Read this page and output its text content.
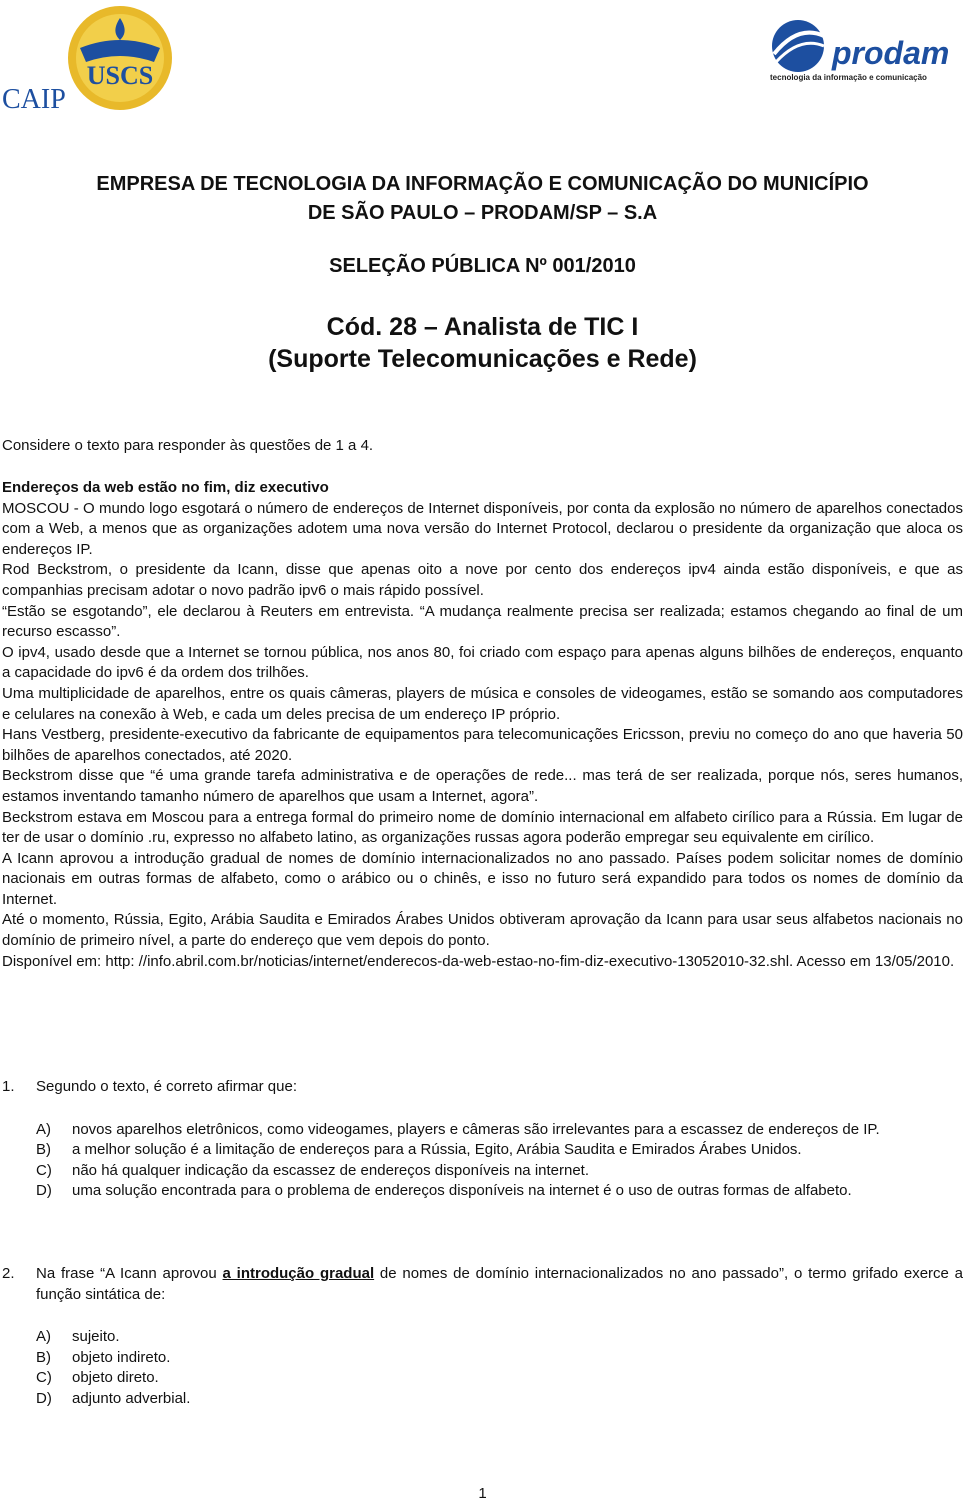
USCS
CAIP
prodam
tecnologia da informação e comunicação
EMPRESA DE TECNOLOGIA DA INFORMAÇÃO E COMUNICAÇÃO DO MUNICÍPIO
DE SÃO PAULO – PRODAM/SP – S.A
SELEÇÃO PÚBLICA Nº 001/2010
Cód. 28 – Analista de TIC I
(Suporte Telecomunicações e Rede)
Considere o texto para responder às questões de 1 a 4.

Endereços da web estão no fim, diz executivo

MOSCOU - O mundo logo esgotará o número de endereços de Internet disponíveis, por conta da explosão no número de aparelhos conectados com a Web, a menos que as organizações adotem uma nova versão do Internet Protocol, declarou o presidente da organização que aloca os endereços IP.

Rod Beckstrom, o presidente da Icann, disse que apenas oito a nove por cento dos endereços ipv4 ainda estão disponíveis, e que as companhias precisam adotar o novo padrão ipv6 o mais rápido possível.

“Estão se esgotando”, ele declarou à Reuters em entrevista. “A mudança realmente precisa ser realizada; estamos chegando ao final de um recurso escasso”.

O ipv4, usado desde que a Internet se tornou pública, nos anos 80, foi criado com espaço para apenas alguns bilhões de endereços, enquanto a capacidade do ipv6 é da ordem dos trilhões.

Uma multiplicidade de aparelhos, entre os quais câmeras, players de música e consoles de videogames, estão se somando aos computadores e celulares na conexão à Web, e cada um deles precisa de um endereço IP próprio.

Hans Vestberg, presidente-executivo da fabricante de equipamentos para telecomunicações Ericsson, previu no começo do ano que haveria 50 bilhões de aparelhos conectados, até 2020.

Beckstrom disse que “é uma grande tarefa administrativa e de operações de rede... mas terá de ser realizada, porque nós, seres humanos, estamos inventando tamanho número de aparelhos que usam a Internet, agora”.

Beckstrom estava em Moscou para a entrega formal do primeiro nome de domínio internacional em alfabeto cirílico para a Rússia. Em lugar de ter de usar o domínio .ru, expresso no alfabeto latino, as organizações russas agora poderão empregar seu equivalente em cirílico.

A Icann aprovou a introdução gradual de nomes de domínio internacionalizados no ano passado. Países podem solicitar nomes de domínio nacionais em outras formas de alfabeto, como o arábico ou o chinês, e isso no futuro será expandido para todos os nomes de domínio da Internet.

Até o momento, Rússia, Egito, Arábia Saudita e Emirados Árabes Unidos obtiveram aprovação da Icann para usar seus alfabetos nacionais no domínio de primeiro nível, a parte do endereço que vem depois do ponto.

Disponível em: http: //info.abril.com.br/noticias/internet/enderecos-da-web-estao-no-fim-diz-executivo-13052010-32.shl. Acesso em 13/05/2010.

1.	Segundo o texto, é correto afirmar que:
A)	novos aparelhos eletrônicos, como videogames, players e câmeras são irrelevantes para a escassez de endereços de IP.
B)	a melhor solução é a limitação de endereços para a Rússia, Egito, Arábia Saudita e Emirados Árabes Unidos.
C)	não há qualquer indicação da escassez de endereços disponíveis na internet.
D)	uma solução encontrada para o problema de endereços disponíveis na internet é o uso de outras formas de alfabeto.
2.	Na frase “A Icann aprovou a introdução gradual de nomes de domínio internacionalizados no ano passado”, o termo grifado exerce a função sintática de:
A)	sujeito.
B)	objeto indireto.
C)	objeto direto.
D)	adjunto adverbial.
1
